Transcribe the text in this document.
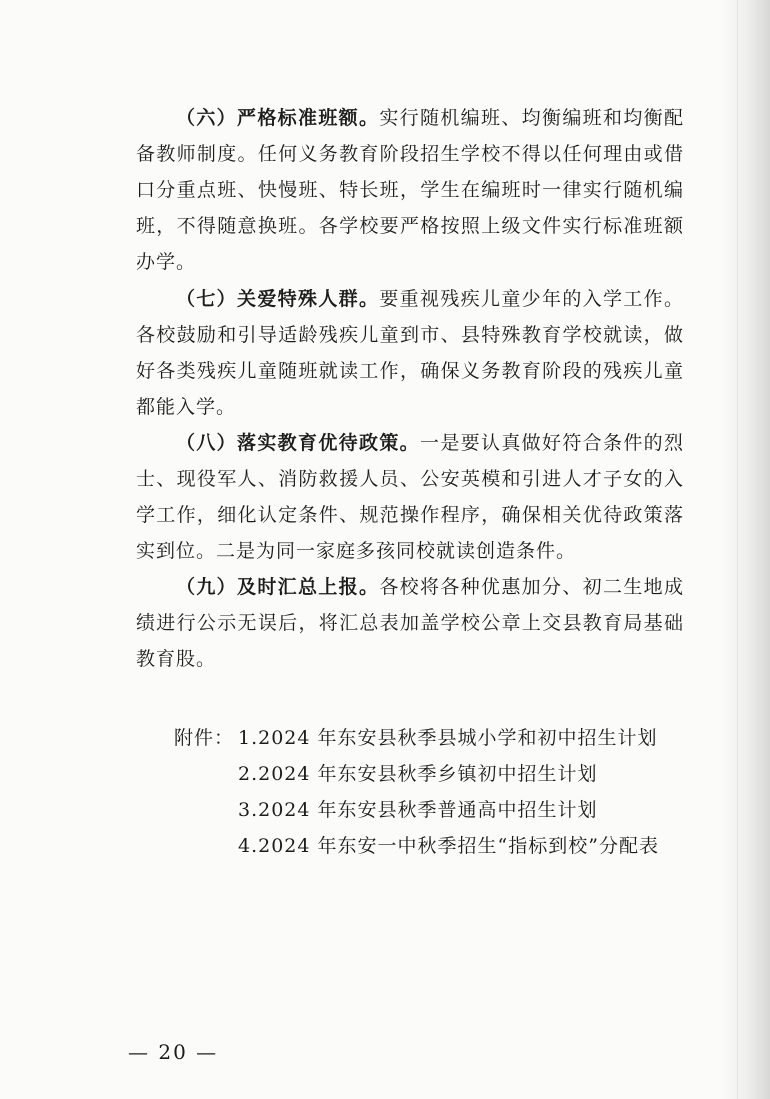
（六）严格标准班额。实行随机编班、均衡编班和均衡配备教师制度。任何义务教育阶段招生学校不得以任何理由或借口分重点班、快慢班、特长班，学生在编班时一律实行随机编班，不得随意换班。各学校要严格按照上级文件实行标准班额办学。

（七）关爱特殊人群。要重视残疾儿童少年的入学工作。各校鼓励和引导适龄残疾儿童到市、县特殊教育学校就读，做好各类残疾儿童随班就读工作，确保义务教育阶段的残疾儿童都能入学。

（八）落实教育优待政策。一是要认真做好符合条件的烈士、现役军人、消防救援人员、公安英模和引进人才子女的入学工作，细化认定条件、规范操作程序，确保相关优待政策落实到位。二是为同一家庭多孩同校就读创造条件。

（九）及时汇总上报。各校将各种优惠加分、初二生地成绩进行公示无误后，将汇总表加盖学校公章上交县教育局基础教育股。

附件： 1.2024 年东安县秋季县城小学和初中招生计划
2.2024 年东安县秋季乡镇初中招生计划
3.2024 年东安县秋季普通高中招生计划
4.2024 年东安一中秋季招生“指标到校”分配表
— 20 —
